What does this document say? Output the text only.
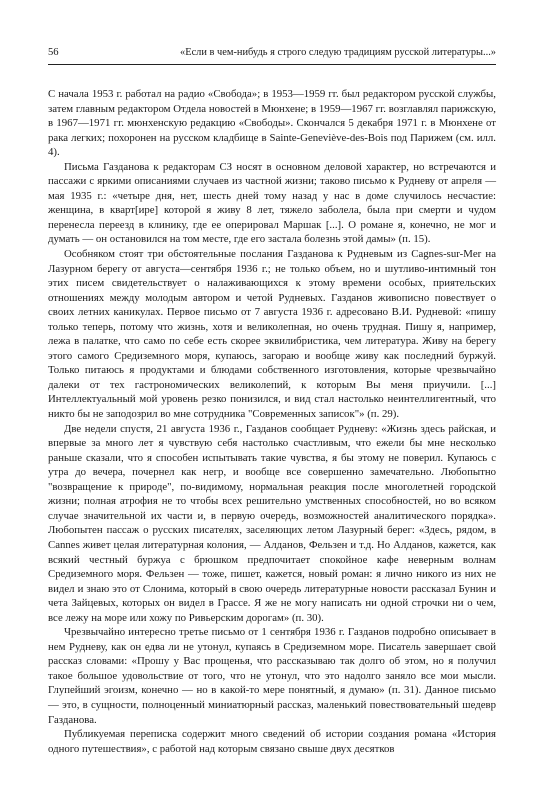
56	«Если в чем-нибудь я строго следую традициям русской литературы...»

С начала 1953 г. работал на радио «Свобода»; в 1953—1959 гг. был редактором русской службы, затем главным редактором Отдела новостей в Мюнхене; в 1959—1967 гг. возглавлял парижскую, в 1967—1971 гг. мюнхенскую редакцию «Свободы». Скончался 5 декабря 1971 г. в Мюнхене от рака легких; похоронен на русском кладбище в Sainte-Geneviève-des-Bois под Парижем (см. илл. 4).

Письма Газданова к редакторам СЗ носят в основном деловой характер, но встречаются и пассажи с яркими описаниями случаев из частной жизни; таково письмо к Рудневу от апреля — мая 1935 г.: «четыре дня, нет, шесть дней тому назад у нас в доме случилось несчастие: женщина, в кварт[ире] которой я живу 8 лет, тяжело заболела, была при смерти и чудом перенесла переезд в клинику, где ее оперировал Маршак [...]. О романе я, конечно, не мог и думать — он остановился на том месте, где его застала болезнь этой дамы» (п. 15).

Особняком стоят три обстоятельные послания Газданова к Рудневым из Cagnes-sur-Mer на Лазурном берегу от августа—сентября 1936 г.; не только объем, но и шутливо-интимный тон этих писем свидетельствует о налаживающихся к этому времени особых, приятельских отношениях между молодым автором и четой Рудневых. Газданов живописно повествует о своих летних каникулах. Первое письмо от 7 августа 1936 г. адресовано В.И. Рудневой: «пишу только теперь, потому что жизнь, хотя и великолепная, но очень трудная. Пишу я, например, лежа в палатке, что само по себе есть скорее эквилибристика, чем литература. Живу на берегу этого самого Средиземного моря, купаюсь, загораю и вообще живу как последний буржуй. Только питаюсь я продуктами и блюдами собственного изготовления, которые чрезвычайно далеки от тех гастрономических великолепий, к которым Вы меня приучили. [...] Интеллектуальный мой уровень резко понизился, и вид стал настолько неинтеллигентный, что никто бы не заподозрил во мне сотрудника "Современных записок"» (п. 29).

Две недели спустя, 21 августа 1936 г., Газданов сообщает Рудневу: «Жизнь здесь райская, и впервые за много лет я чувствую себя настолько счастливым, что ежели бы мне несколько раньше сказали, что я способен испытывать такие чувства, я бы этому не поверил. Купаюсь с утра до вечера, почернел как негр, и вообще все совершенно замечательно. Любопытно "возвращение к природе", по-видимому, нормальная реакция после многолетней городской жизни; полная атрофия не то чтобы всех решительно умственных способностей, но во всяком случае значительной их части и, в первую очередь, возможностей аналитического порядка». Любопытен пассаж о русских писателях, заселяющих летом Лазурный берег: «Здесь, рядом, в Cannes живет целая литературная колония, — Алданов, Фельзен и т.д. Но Алданов, кажется, как всякий честный буржуа с брюшком предпочитает спокойное кафе неверным волнам Средиземного моря. Фельзен — тоже, пишет, кажется, новый роман: я лично никого из них не видел и знаю это от Слонима, который в свою очередь литературные новости рассказал Бунин и чета Зайцевых, которых он видел в Грассе. Я же не могу написать ни одной строчки ни о чем, все лежу на море или хожу по Ривьерским дорогам» (п. 30).

Чрезвычайно интересно третье письмо от 1 сентября 1936 г. Газданов подробно описывает в нем Рудневу, как он едва ли не утонул, купаясь в Средиземном море. Писатель завершает свой рассказ словами: «Прошу у Вас прощенья, что рассказываю так долго об этом, но я получил такое большое удовольствие от того, что не утонул, что это надолго заняло все мои мысли. Глупейший эгоизм, конечно — но в какой-то мере понятный, я думаю» (п. 31). Данное письмо — это, в сущности, полноценный миниатюрный рассказ, маленький повествовательный шедевр Газданова.

Публикуемая переписка содержит много сведений об истории создания романа «История одного путешествия», с работой над которым связано свыше двух десятков
